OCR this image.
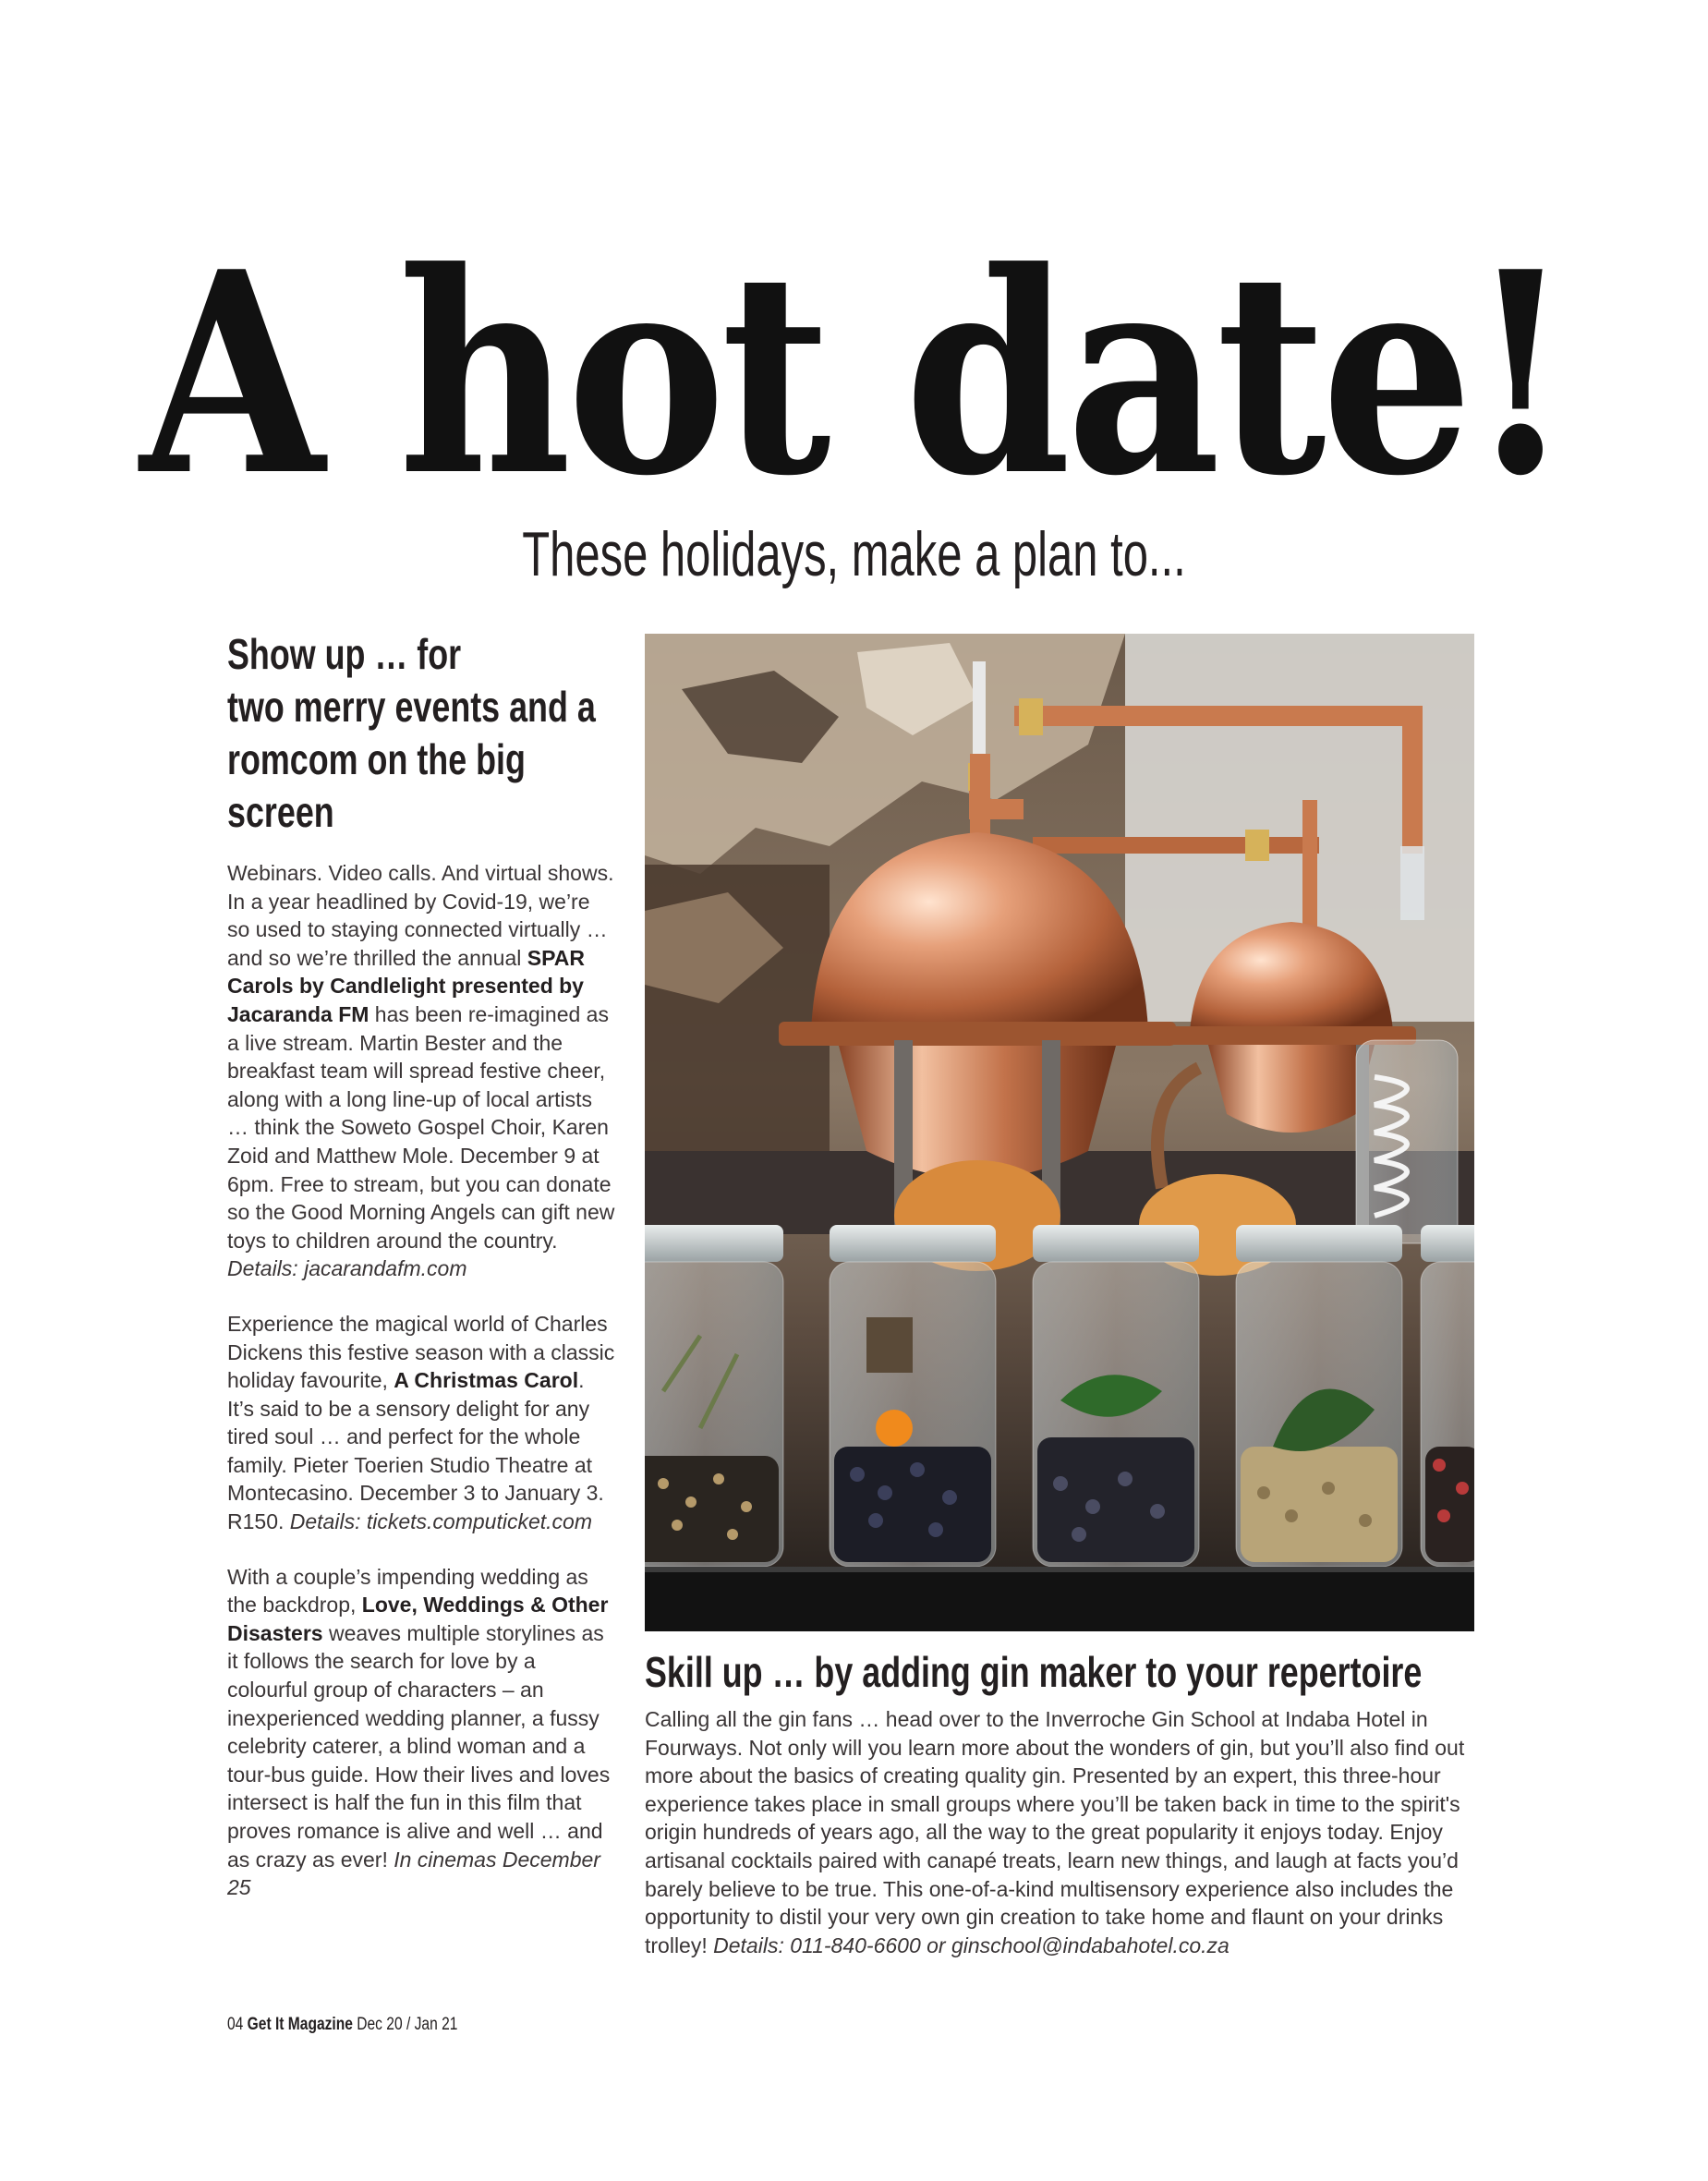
A hot date!
These holidays, make a plan to...
Show up … for
two merry events and a
romcom on the big screen

Webinars. Video calls. And virtual shows. In a year headlined by Covid-19, we’re so used to staying connected virtually … and so we’re thrilled the annual SPAR Carols by Candlelight presented by Jacaranda FM has been re-imagined as a live stream. Martin Bester and the breakfast team will spread festive cheer, along with a long line-up of local artists … think the Soweto Gospel Choir, Karen Zoid and Matthew Mole. December 9 at 6pm. Free to stream, but you can donate so the Good Morning Angels can gift new toys to children around the country. Details: jacarandafm.com

Experience the magical world of Charles Dickens this festive season with a classic holiday favourite, A Christmas Carol. It’s said to be a sensory delight for any tired soul … and perfect for the whole family. Pieter Toerien Studio Theatre at Montecasino. December 3 to January 3. R150. Details: tickets.computicket.com

With a couple’s impending wedding as the backdrop, Love, Weddings & Other Disasters weaves multiple storylines as it follows the search for love by a colourful group of characters – an inexperienced wedding planner, a fussy celebrity caterer, a blind woman and a tour-bus guide. How their lives and loves intersect is half the fun in this film that proves romance is alive and well … and as crazy as ever! In cinemas December 25

Skill up … by adding gin maker to your repertoire

Calling all the gin fans … head over to the Inverroche Gin School at Indaba Hotel in Fourways. Not only will you learn more about the wonders of gin, but you’ll also find out more about the basics of creating quality gin. Presented by an expert, this three-hour experience takes place in small groups where you’ll be taken back in time to the spirit's origin hundreds of years ago, all the way to the great popularity it enjoys today. Enjoy artisanal cocktails paired with canapé treats, learn new things, and laugh at facts you’d barely believe to be true. This one-of-a-kind multisensory experience also includes the opportunity to distil your very own gin creation to take home and flaunt on your drinks trolley! Details: 011-840-6600 or ginschool@indabahotel.co.za

04 Get It Magazine Dec 20 / Jan 21
